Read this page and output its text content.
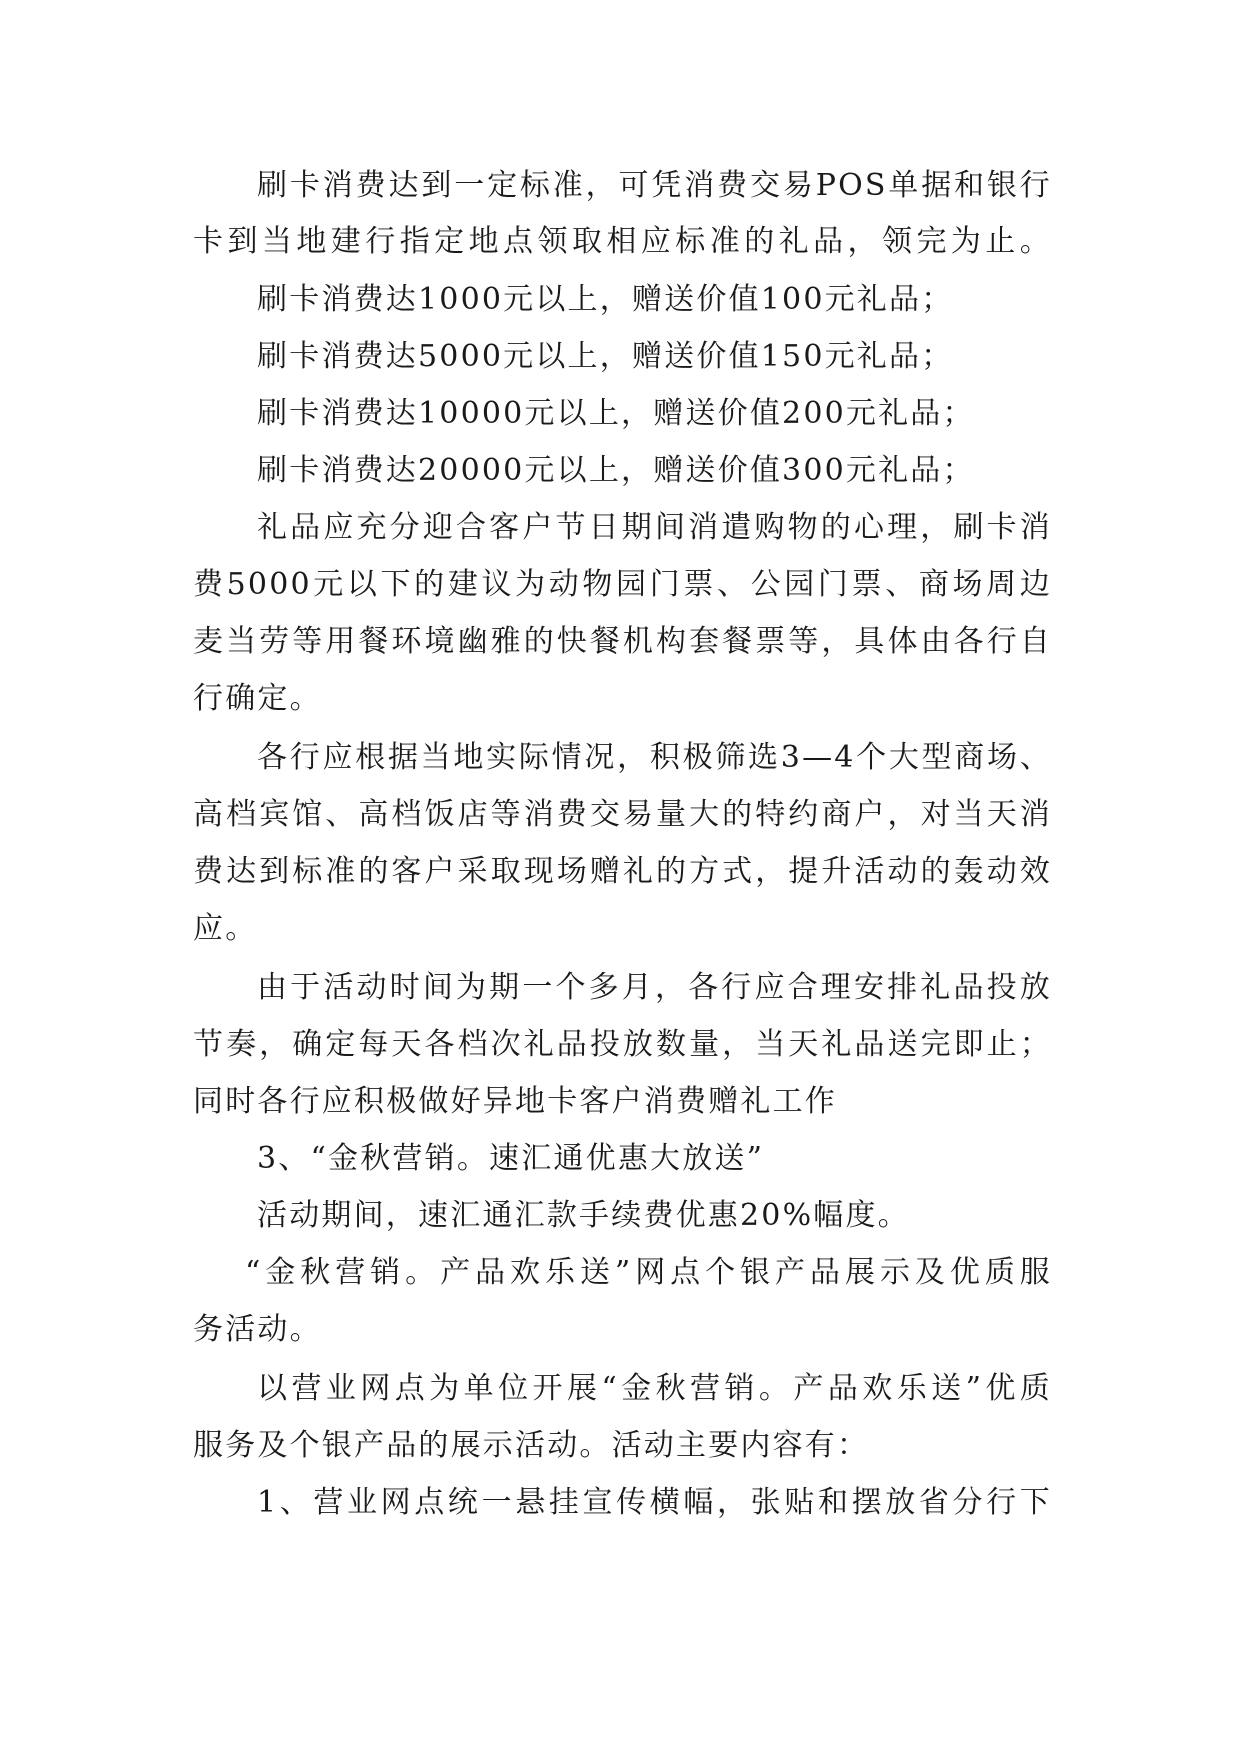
刷卡消费达到一定标准，可凭消费交易POS单据和银行
卡到当地建行指定地点领取相应标准的礼品，领完为止。
刷卡消费达1000元以上，赠送价值100元礼品；
刷卡消费达5000元以上，赠送价值150元礼品；
刷卡消费达10000元以上，赠送价值200元礼品；
刷卡消费达20000元以上，赠送价值300元礼品；
礼品应充分迎合客户节日期间消遣购物的心理，刷卡消
费5000元以下的建议为动物园门票、公园门票、商场周边
麦当劳等用餐环境幽雅的快餐机构套餐票等，具体由各行自
行确定。
各行应根据当地实际情况，积极筛选3—4个大型商场、
高档宾馆、高档饭店等消费交易量大的特约商户，对当天消
费达到标准的客户采取现场赠礼的方式，提升活动的轰动效
应。
由于活动时间为期一个多月，各行应合理安排礼品投放
节奏，确定每天各档次礼品投放数量，当天礼品送完即止；
同时各行应积极做好异地卡客户消费赠礼工作
3、“金秋营销。速汇通优惠大放送”
活动期间，速汇通汇款手续费优惠20%幅度。
“金秋营销。产品欢乐送”网点个银产品展示及优质服
务活动。
以营业网点为单位开展“金秋营销。产品欢乐送”优质
服务及个银产品的展示活动。活动主要内容有：
1、营业网点统一悬挂宣传横幅，张贴和摆放省分行下
